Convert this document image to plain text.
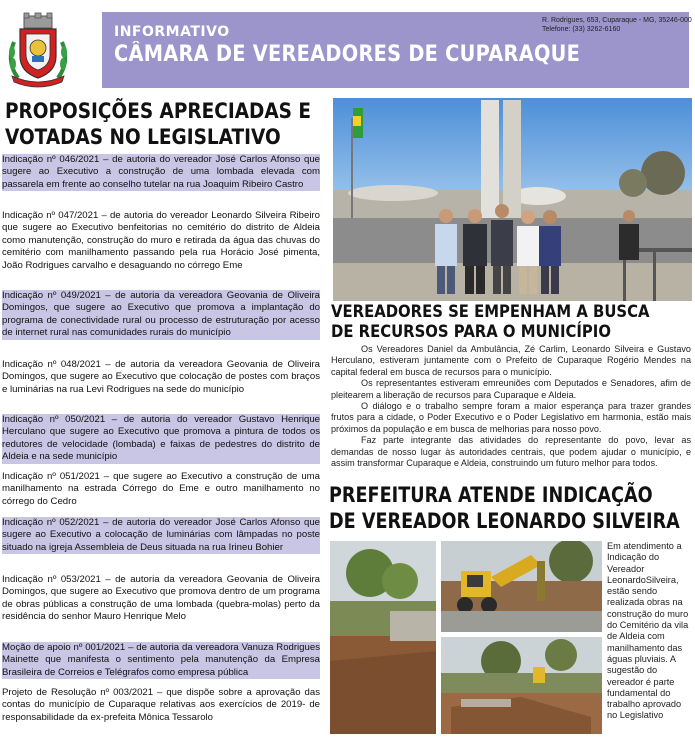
INFORMATIVO
CÂMARA DE VEREADORES DE CUPARAQUE
R. Rodrigues, 653, Cuparaque - MG, 35246-000
Telefone: (33) 3262-6160
PROPOSIÇÕES APRECIADAS E
VOTADAS NO LEGISLATIVO
Indicação nº 046/2021 – de autoria do vereador José Carlos Afonso que sugere ao Executivo a construção de uma lombada elevada com passarela em frente ao conselho tutelar na rua Joaquim Ribeiro Castro
Indicação nº 047/2021 – de autoria do vereador Leonardo Silveira Ribeiro que sugere ao Executivo benfeitorias no cemitério do distrito de Aldeia como manutenção, construção do muro e retirada da água das chuvas do cemitério com manilhamento passando pela rua Horácio José pimenta, João Rodrigues carvalho e desaguando no córrego Eme
Indicação nº 049/2021 – de autoria da vereadora Geovania de Oliveira Domingos, que sugere ao Executivo que promova a implantação do programa de conectividade rural ou processo de estruturação por acesso de internet rural nas comunidades rurais do município
Indicação nº 048/2021 – de autoria da vereadora Geovania de Oliveira Domingos, que sugere ao Executivo que colocação de postes com braços e luminárias na rua Levi Rodrigues na sede do município
Indicação nº 050/2021 – de autoria do vereador Gustavo Henrique Herculano que sugere ao Executivo que promova a pintura de todos os redutores de velocidade (lombada) e faixas de pedestres do distrito de Aldeia e na sede município
Indicação nº 051/2021 – que sugere ao Executivo a construção de uma manilhamento na estrada Córrego do Eme e outro manilhamento no córrego do Cedro
Indicação nº 052/2021 – de autoria do vereador José Carlos Afonso que sugere ao Executivo a colocação de luminárias com lâmpadas no poste situado na igreja Assembleia de Deus situada na rua Irineu Bohier
Indicação nº 053/2021 – de autoria da vereadora Geovania de Oliveira Domingos, que sugere ao Executivo que promova dentro de um programa de obras públicas a construção de uma lombada (quebra-molas) perto da residência do senhor Mauro Henrique Melo
Moção de apoio nº 001/2021 – de autoria da vereadora Vanuza Rodrigues Mainette que manifesta o sentimento pela manutenção da Empresa Brasileira de Correios e Telégrafos como empresa pública
Projeto de Resolução nº 003/2021 – que dispõe sobre a aprovação das contas do município de Cuparaque relativas aos exercícios de 2019- de responsabilidade da ex-prefeita Mônica Tessarolo
VEREADORES SE EMPENHAM A BUSCA
DE RECURSOS PARA O MUNICÍPIO

Os Vereadores Daniel da Ambulância, Zé Carlim, Leonardo Silveira e Gustavo Herculano, estiveram juntamente com o Prefeito de Cuparaque Rogério Mendes na capital federal em busca de recursos para o município.

Os representantes estiveram emreuniões com Deputados e Senadores, afim de pleitearem a liberação de recursos para Cuparaque e Aldeia.

O diálogo e o trabalho sempre foram a maior esperança para trazer grandes frutos para a cidade, o Poder Executivo e o Poder Legislativo em harmonia, estão mais próximos da população e em busca de melhorias para nosso povo.

Faz parte integrante das atividades do representante do povo, levar as demandas de nosso lugar às autoridades centrais, que podem ajudar o município, e assim transformar Cuparaque e Aldeia, construindo um futuro melhor para todos.

PREFEITURA ATENDE INDICAÇÃO
DE VEREADOR LEONARDO SILVEIRA
Em atendimento a Indicação do Vereador LeonardoSilveira, estão sendo realizada obras na construção do muro do Cemitério da vila de Aldeia com manilhamento das águas pluviais. A sugestão do vereador é parte fundamental do trabalho aprovado no Legislativo
